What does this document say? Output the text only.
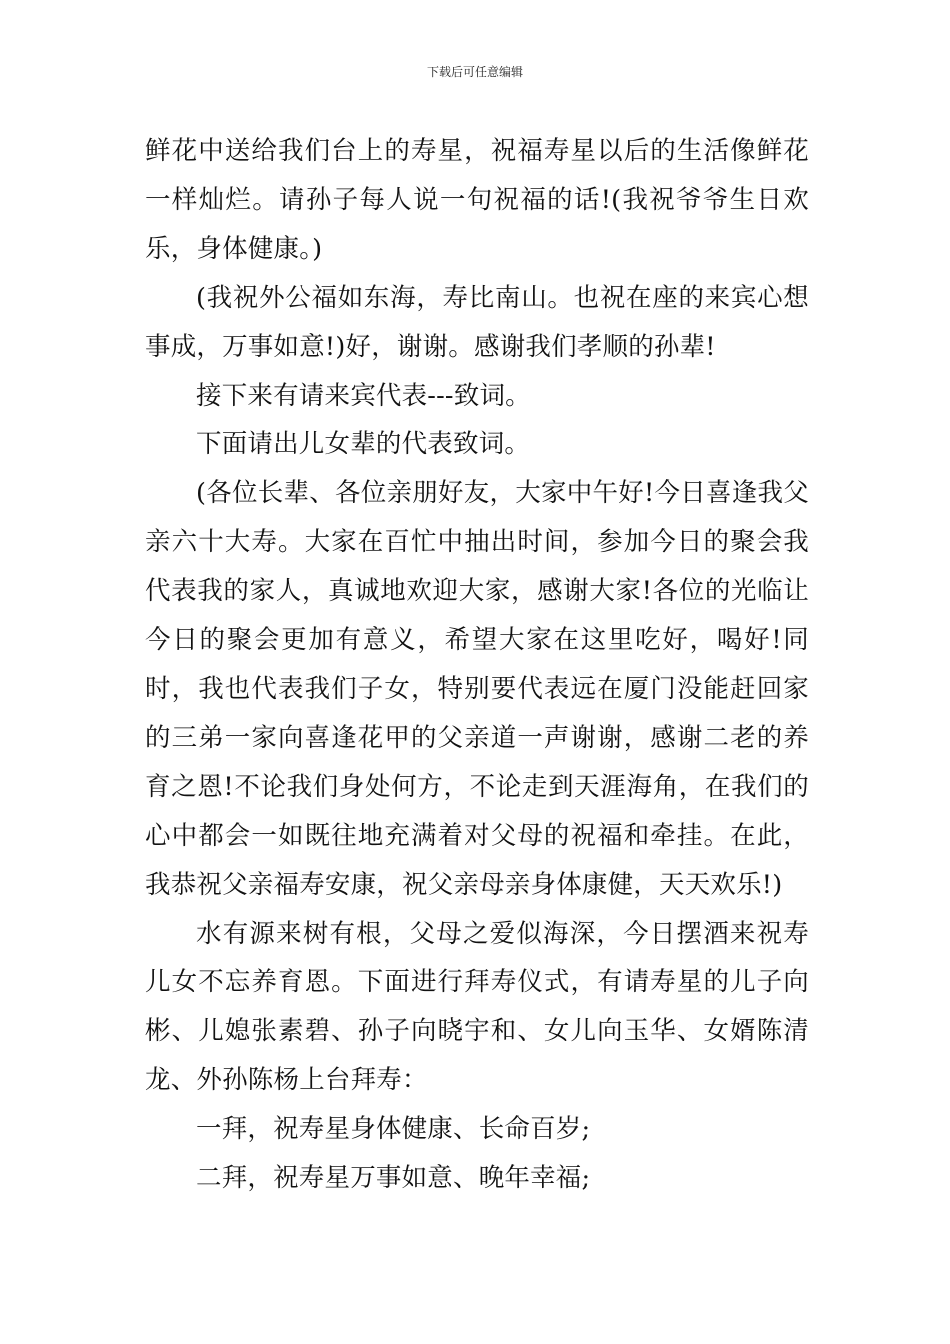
下载后可任意编辑

鲜花中送给我们台上的寿星，祝福寿星以后的生活像鲜花一样灿烂。请孙子每人说一句祝福的话!(我祝爷爷生日欢乐，身体健康。)

(我祝外公福如东海，寿比南山。也祝在座的来宾心想事成，万事如意!)好，谢谢。感谢我们孝顺的孙辈!

接下来有请来宾代表---致词。

下面请出儿女辈的代表致词。

(各位长辈、各位亲朋好友，大家中午好!今日喜逢我父亲六十大寿。大家在百忙中抽出时间，参加今日的聚会我代表我的家人，真诚地欢迎大家，感谢大家!各位的光临让今日的聚会更加有意义，希望大家在这里吃好，喝好!同时，我也代表我们子女，特别要代表远在厦门没能赶回家的三弟一家向喜逢花甲的父亲道一声谢谢，感谢二老的养育之恩!不论我们身处何方，不论走到天涯海角，在我们的心中都会一如既往地充满着对父母的祝福和牵挂。在此，我恭祝父亲福寿安康，祝父亲母亲身体康健，天天欢乐!)

水有源来树有根，父母之爱似海深，今日摆酒来祝寿儿女不忘养育恩。下面进行拜寿仪式，有请寿星的儿子向彬、儿媳张素碧、孙子向晓宇和、女儿向玉华、女婿陈清龙、外孙陈杨上台拜寿：

一拜，祝寿星身体健康、长命百岁;

二拜，祝寿星万事如意、晚年幸福;
